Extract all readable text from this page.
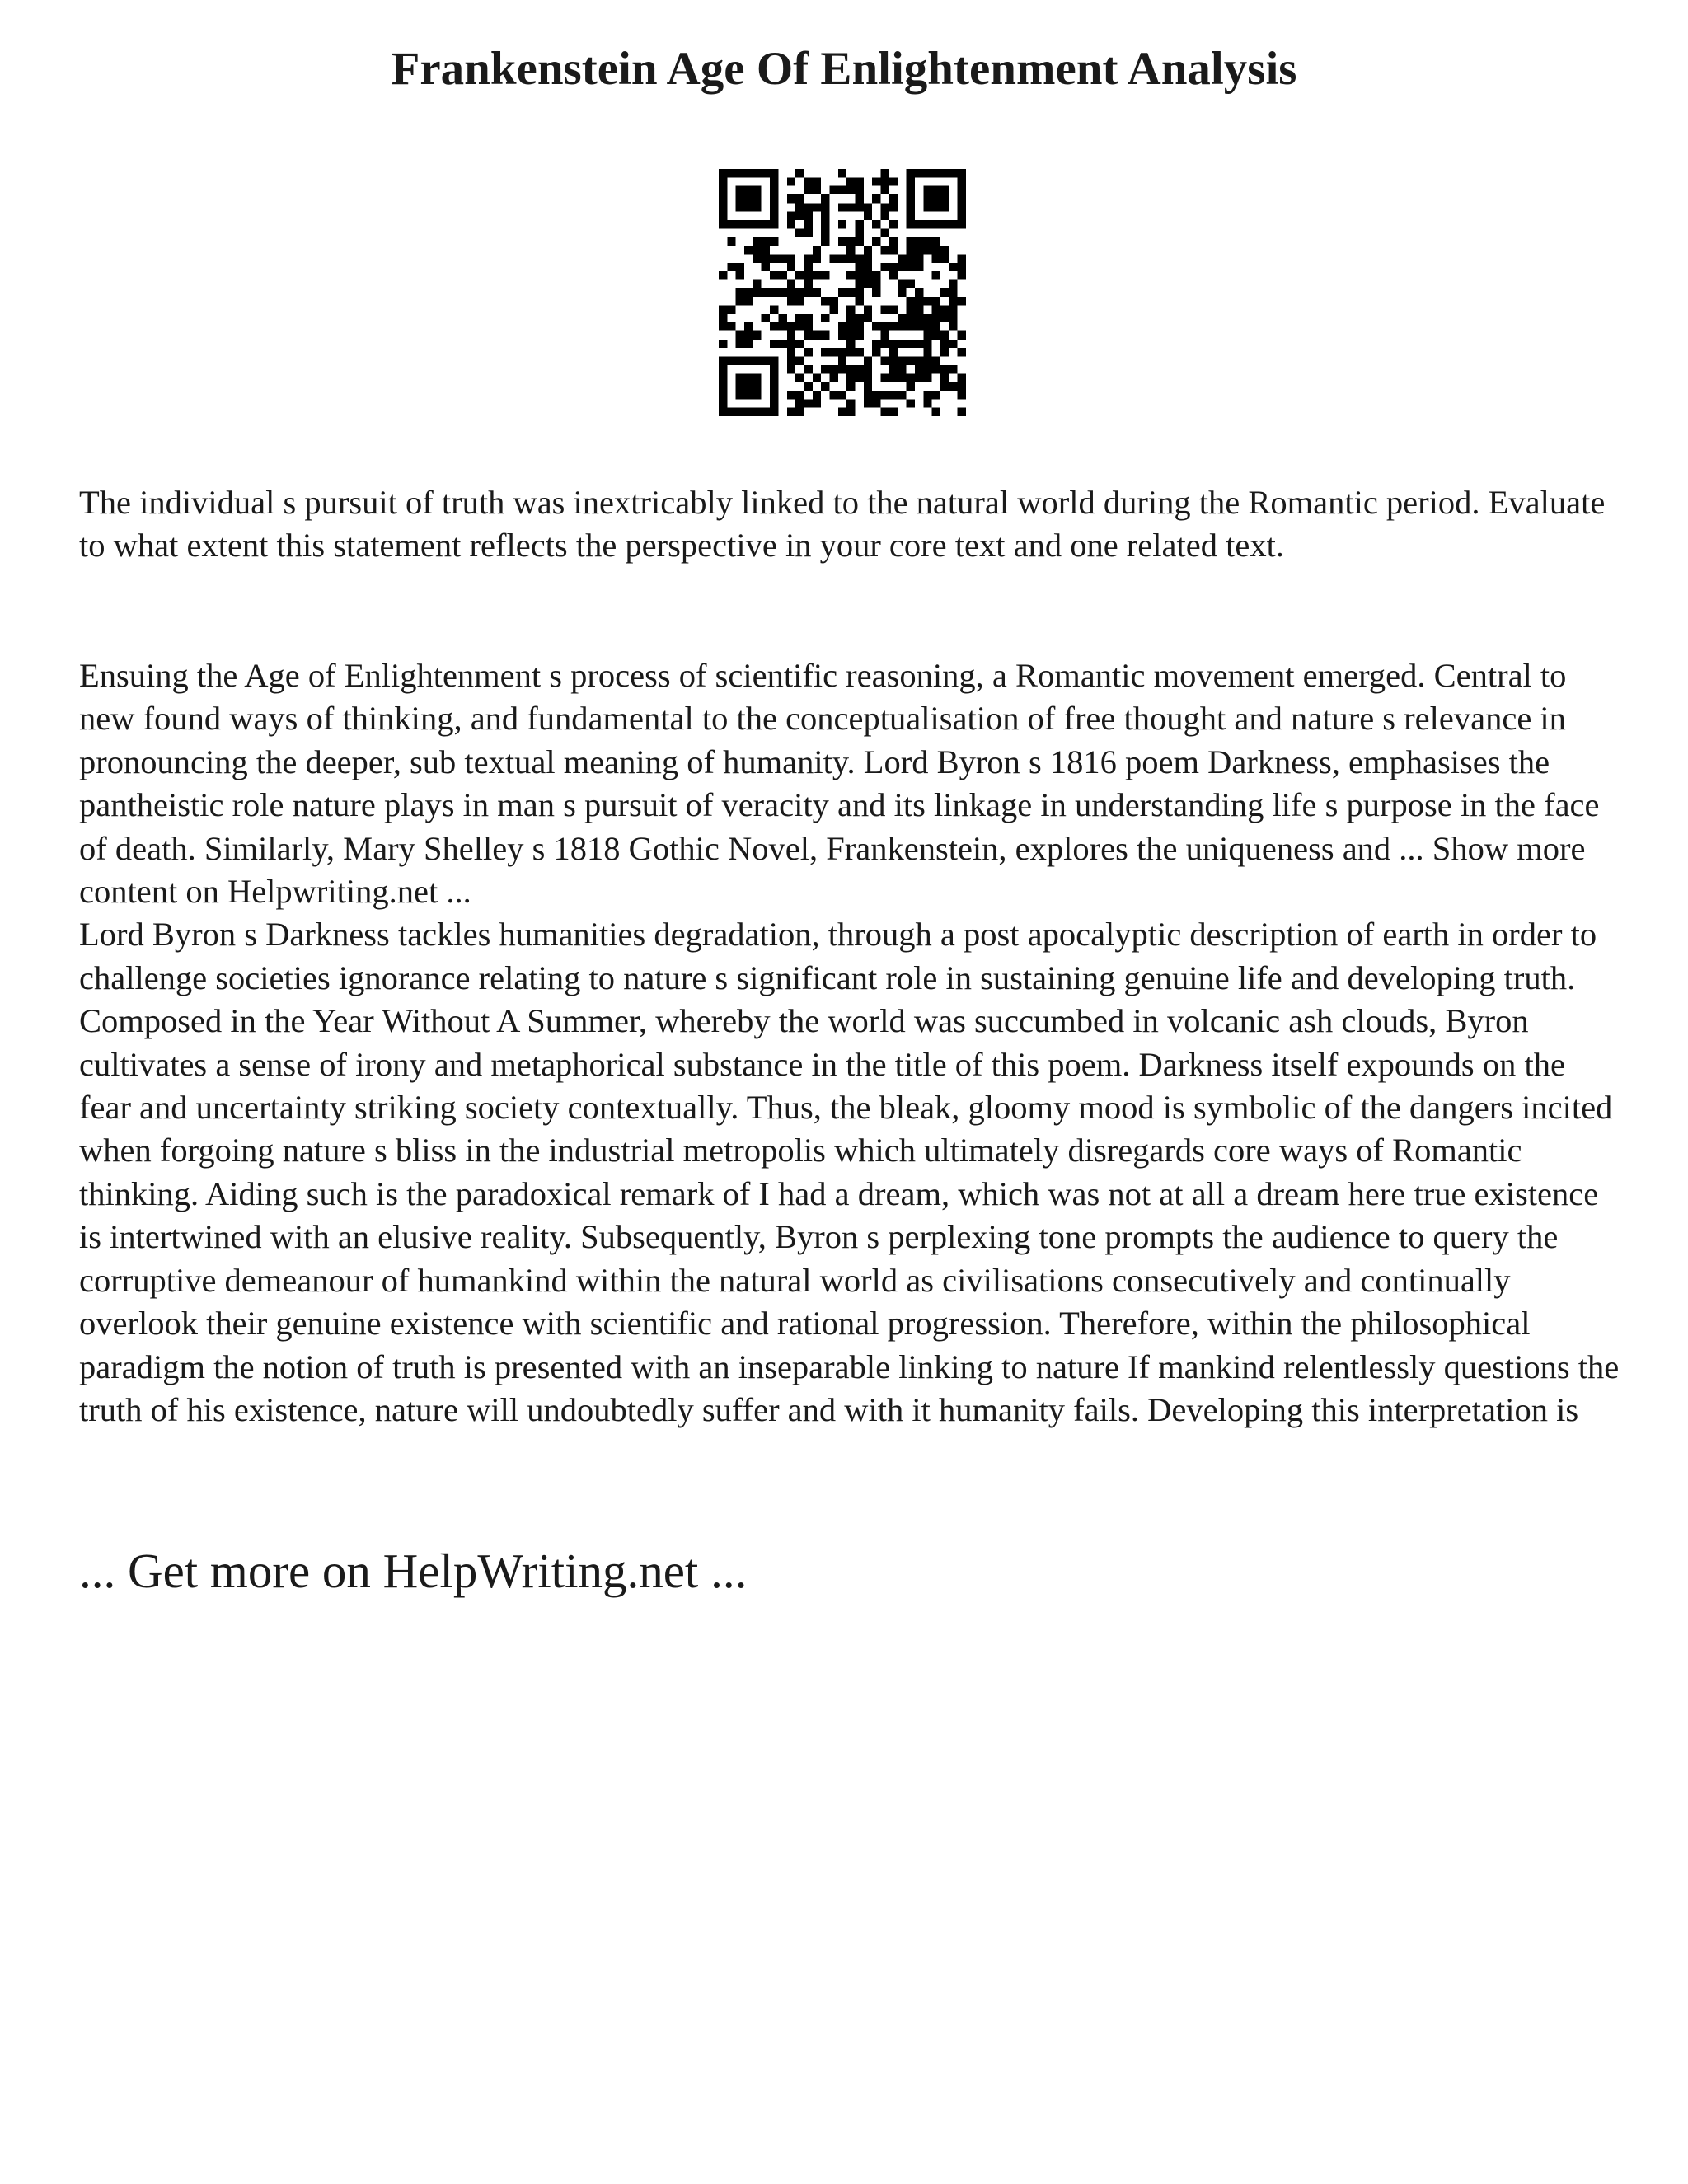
Frankenstein Age Of Enlightenment Analysis

The individual s pursuit of truth was inextricably linked to the natural world during the Romantic period. Evaluate to what extent this statement reflects the perspective in your core text and one related text.

Ensuing the Age of Enlightenment s process of scientific reasoning, a Romantic movement emerged. Central to new found ways of thinking, and fundamental to the conceptualisation of free thought and nature s relevance in pronouncing the deeper, sub textual meaning of humanity. Lord Byron s 1816 poem Darkness, emphasises the pantheistic role nature plays in man s pursuit of veracity and its linkage in understanding life s purpose in the face of death. Similarly, Mary Shelley s 1818 Gothic Novel, Frankenstein, explores the uniqueness and ... Show more content on Helpwriting.net ...
Lord Byron s Darkness tackles humanities degradation, through a post apocalyptic description of earth in order to challenge societies ignorance relating to nature s significant role in sustaining genuine life and developing truth. Composed in the Year Without A Summer, whereby the world was succumbed in volcanic ash clouds, Byron cultivates a sense of irony and metaphorical substance in the title of this poem. Darkness itself expounds on the fear and uncertainty striking society contextually. Thus, the bleak, gloomy mood is symbolic of the dangers incited when forgoing nature s bliss in the industrial metropolis which ultimately disregards core ways of Romantic thinking. Aiding such is the paradoxical remark of I had a dream, which was not at all a dream here true existence is intertwined with an elusive reality. Subsequently, Byron s perplexing tone prompts the audience to query the corruptive demeanour of humankind within the natural world as civilisations consecutively and continually overlook their genuine existence with scientific and rational progression. Therefore, within the philosophical paradigm the notion of truth is presented with an inseparable linking to nature If mankind relentlessly questions the truth of his existence, nature will undoubtedly suffer and with it humanity fails. Developing this interpretation is

... Get more on HelpWriting.net ...
